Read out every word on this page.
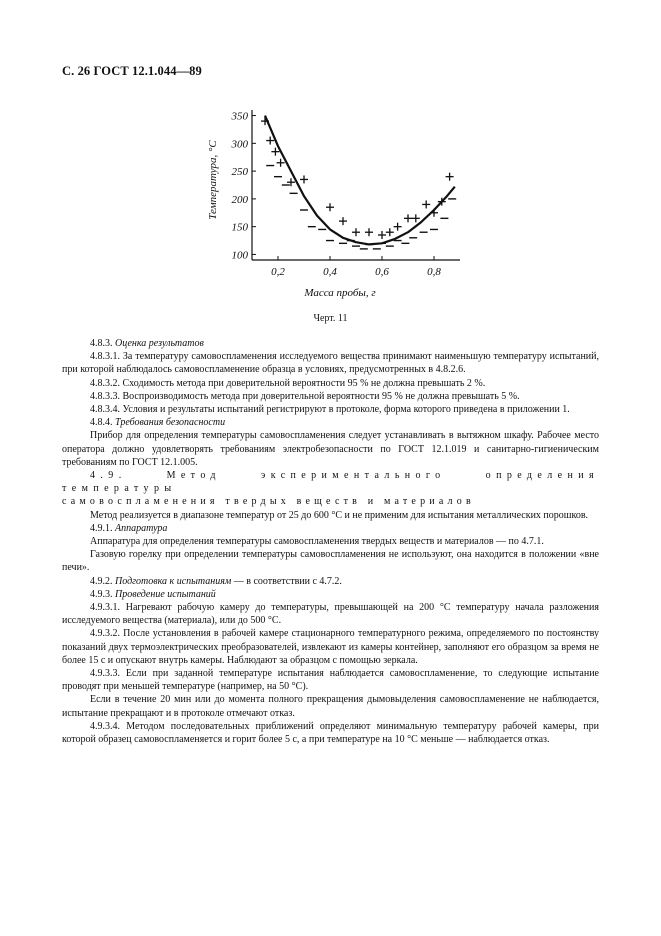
С. 26 ГОСТ 12.1.044—89
350
300
250
200
150
100
0,2	0,4	0,6	0,8
Масса пробы, г
Температура, °С
Черт. 11

4.8.3. Оценка результатов

4.8.3.1. За температуру самовоспламенения исследуемого вещества принимают наименьшую температуру испытаний, при которой наблюдалось самовоспламенение образца в условиях, предусмотренных в 4.8.2.6.

4.8.3.2. Сходимость метода при доверительной вероятности 95 % не должна превышать 2 %.

4.8.3.3. Воспроизводимость метода при доверительной вероятности 95 % не должна превышать 5 %.

4.8.3.4. Условия и результаты испытаний регистрируют в протоколе, форма которого приведена в приложении 1.

4.8.4. Требования безопасности

Прибор для определения температуры самовоспламенения следует устанавливать в вытяжном шкафу. Рабочее место оператора должно удовлетворять требованиям электробезопасности по ГОСТ 12.1.019 и санитарно-гигиеническим требованиям по ГОСТ 12.1.005.

4.9. Метод экспериментального определения температуры

самовоспламенения твердых веществ и материалов

Метод реализуется в диапазоне температур от 25 до 600 °С и не применим для испытания металлических порошков.

4.9.1. Аппаратура

Аппаратура для определения температуры самовоспламенения твердых веществ и материалов — по 4.7.1.

Газовую горелку при определении температуры самовоспламенения не используют, она находится в положении «вне печи».

4.9.2. Подготовка к испытаниям — в соответствии с 4.7.2.

4.9.3. Проведение испытаний

4.9.3.1. Нагревают рабочую камеру до температуры, превышающей на 200 °С температуру начала разложения исследуемого вещества (материала), или до 500 °С.

4.9.3.2. После установления в рабочей камере стационарного температурного режима, определяемого по постоянству показаний двух термоэлектрических преобразователей, извлекают из камеры контейнер, заполняют его образцом за время не более 15 с и опускают внутрь камеры. Наблюдают за образцом с помощью зеркала.

4.9.3.3. Если при заданной температуре испытания наблюдается самовоспламенение, то следующие испытание проводят при меньшей температуре (например, на 50 °С).

Если в течение 20 мин или до момента полного прекращения дымовыделения самовоспламенение не наблюдается, испытание прекращают и в протоколе отмечают отказ.

4.9.3.4. Методом последовательных приближений определяют минимальную температуру рабочей камеры, при которой образец самовоспламеняется и горит более 5 с, а при температуре на 10 °С меньше — наблюдается отказ.
